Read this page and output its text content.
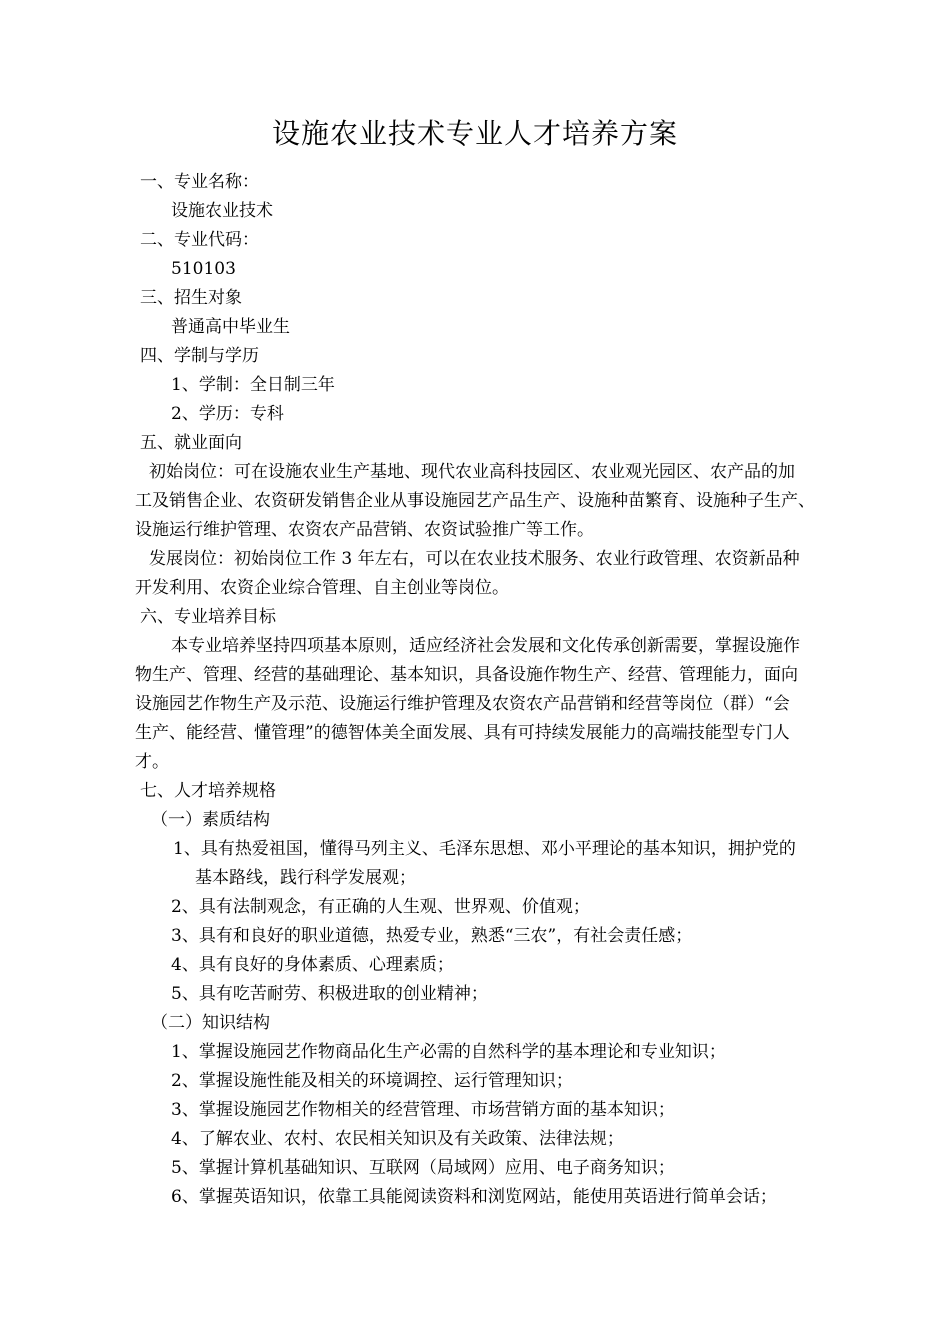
设施农业技术专业人才培养方案
一、专业名称：
设施农业技术
二、专业代码：
510103
三、招生对象
普通高中毕业生
四、学制与学历
1、学制：全日制三年
2、学历：专科
五、就业面向
初始岗位：可在设施农业生产基地、现代农业高科技园区、农业观光园区、农产品的加
工及销售企业、农资研发销售企业从事设施园艺产品生产、设施种苗繁育、设施种子生产、
设施运行维护管理、农资农产品营销、农资试验推广等工作。
发展岗位：初始岗位工作 3 年左右，可以在农业技术服务、农业行政管理、农资新品种
开发利用、农资企业综合管理、自主创业等岗位。
六、专业培养目标
本专业培养坚持四项基本原则，适应经济社会发展和文化传承创新需要，掌握设施作
物生产、管理、经营的基础理论、基本知识，具备设施作物生产、经营、管理能力，面向
设施园艺作物生产及示范、设施运行维护管理及农资农产品营销和经营等岗位（群）“会
生产、能经营、懂管理”的德智体美全面发展、具有可持续发展能力的高端技能型专门人
才。
七、人才培养规格
（一）素质结构
1、具有热爱祖国，懂得马列主义、毛泽东思想、邓小平理论的基本知识，拥护党的
基本路线，践行科学发展观；
2、具有法制观念，有正确的人生观、世界观、价值观；
3、具有和良好的职业道德，热爱专业，熟悉“三农”，有社会责任感；
4、具有良好的身体素质、心理素质；
5、具有吃苦耐劳、积极进取的创业精神；
（二）知识结构
1、掌握设施园艺作物商品化生产必需的自然科学的基本理论和专业知识；
2、掌握设施性能及相关的环境调控、运行管理知识；
3、掌握设施园艺作物相关的经营管理、市场营销方面的基本知识；
4、了解农业、农村、农民相关知识及有关政策、法律法规；
5、掌握计算机基础知识、互联网（局域网）应用、电子商务知识；
6、掌握英语知识，依靠工具能阅读资料和浏览网站，能使用英语进行简单会话；
